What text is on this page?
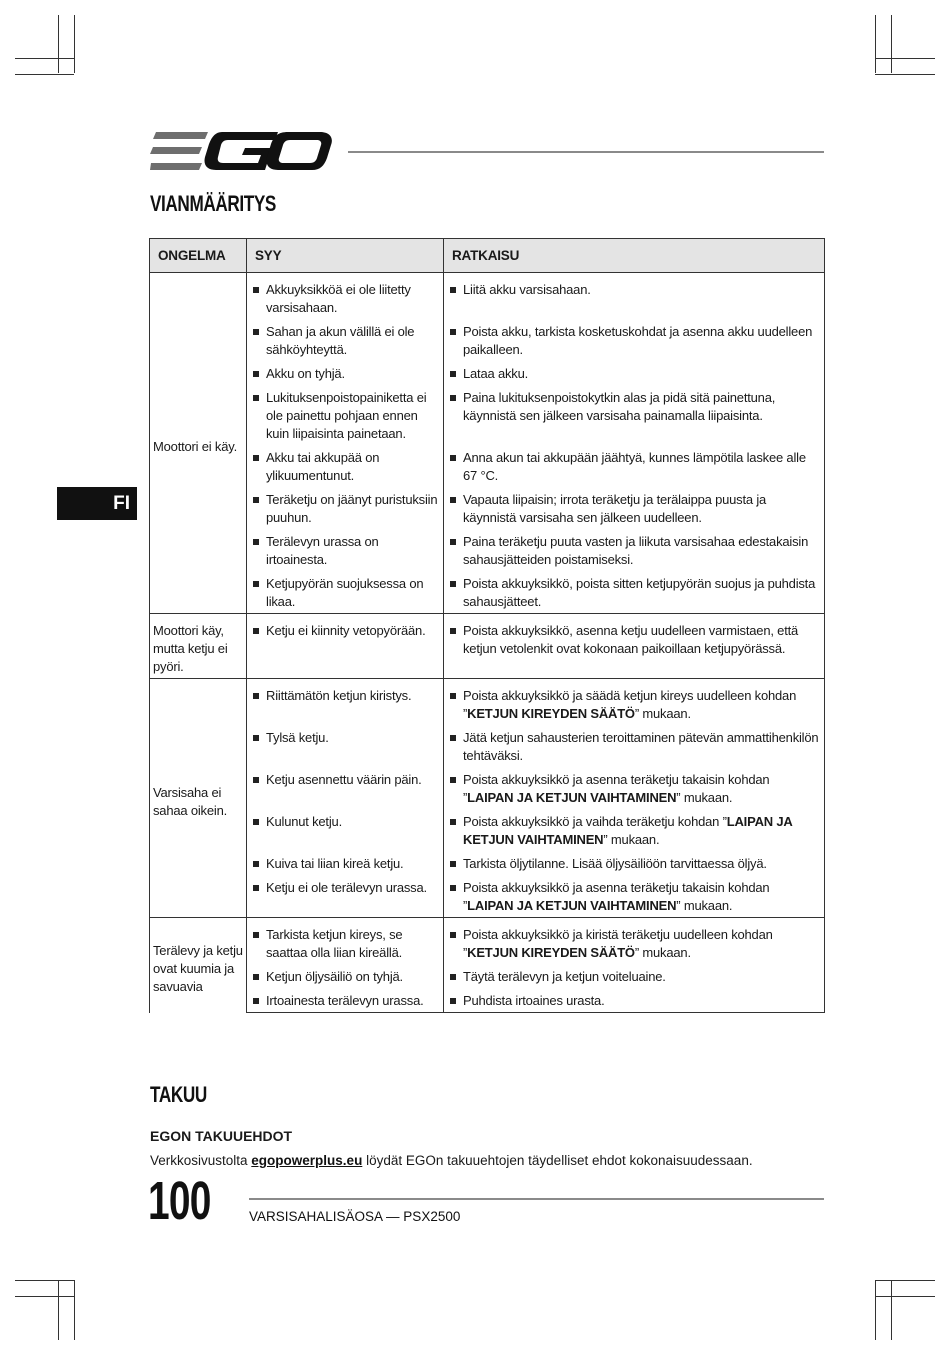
VIANMÄÄRITYS
FI
ONGELMA	SYY	RATKAISU
Moottori ei käy.	Akkuyksikköä ei ole liitetty varsisahaan.	Liitä akku varsisahaan.

	Sahan ja akun välillä ei ole sähköyhteyttä.	Poista akku, tarkista kosketuskohdat ja asenna akku uudelleen paikalleen.

	Akku on tyhjä.	Lataa akku.

	Lukituksenpoistopainiketta ei ole painettu pohjaan ennen kuin liipaisinta painetaan.	Paina lukituksenpoistokytkin alas ja pidä sitä painettuna, käynnistä sen jälkeen varsisaha painamalla liipaisinta.

	Akku tai akkupää on ylikuumentunut.	Anna akun tai akkupään jäähtyä, kunnes lämpötila laskee alle 67 °C.

	Teräketju on jäänyt puristuksiin puuhun.	Vapauta liipaisin; irrota teräketju ja terälaippa puusta ja käynnistä varsisaha sen jälkeen uudelleen.

	Terälevyn urassa on irtoainesta.	Paina teräketju puuta vasten ja liikuta varsisahaa edestakaisin sahausjätteiden poistamiseksi.

	Ketjupyörän suojuksessa on likaa.	Poista akkuyksikkö, poista sitten ketjupyörän suojus ja puhdista sahausjätteet.

Moottori käy, mutta ketju ei pyöri.	Ketju ei kiinnity vetopyörään.	Poista akkuyksikkö, asenna ketju uudelleen varmistaen, että ketjun vetolenkit ovat kokonaan paikoillaan ketjupyörässä.

Varsisaha ei sahaa oikein.	Riittämätön ketjun kiristys.	Poista akkuyksikkö ja säädä ketjun kireys uudelleen kohdan ”KETJUN KIREYDEN SÄÄTÖ” mukaan.

	Tylsä ketju.	Jätä ketjun sahausterien teroittaminen pätevän ammattihenkilön tehtäväksi.

	Ketju asennettu väärin päin.	Poista akkuyksikkö ja asenna teräketju takaisin kohdan ”LAIPAN JA KETJUN VAIHTAMINEN” mukaan.

	Kulunut ketju.	Poista akkuyksikkö ja vaihda teräketju kohdan ”LAIPAN JA KETJUN VAIHTAMINEN” mukaan.

	Kuiva tai liian kireä ketju.	Tarkista öljytilanne. Lisää öljysäiliöön tarvittaessa öljyä.

	Ketju ei ole terälevyn urassa.	Poista akkuyksikkö ja asenna teräketju takaisin kohdan ”LAIPAN JA KETJUN VAIHTAMINEN” mukaan.

Terälevy ja ketju ovat kuumia ja savuavia	Tarkista ketjun kireys, se saattaa olla liian kireällä.	Poista akkuyksikkö ja kiristä teräketju uudelleen kohdan ”KETJUN KIREYDEN SÄÄTÖ” mukaan.

	Ketjun öljysäiliö on tyhjä.	Täytä terälevyn ja ketjun voiteluaine.

	Irtoainesta terälevyn urassa.	Puhdista irtoaines urasta.
TAKUU

EGON TAKUUEHDOT

Verkkosivustolta egopowerplus.eu löydät EGOn takuuehtojen täydelliset ehdot kokonaisuudessaan.

100	VARSISAHALISÄOSA — PSX2500
